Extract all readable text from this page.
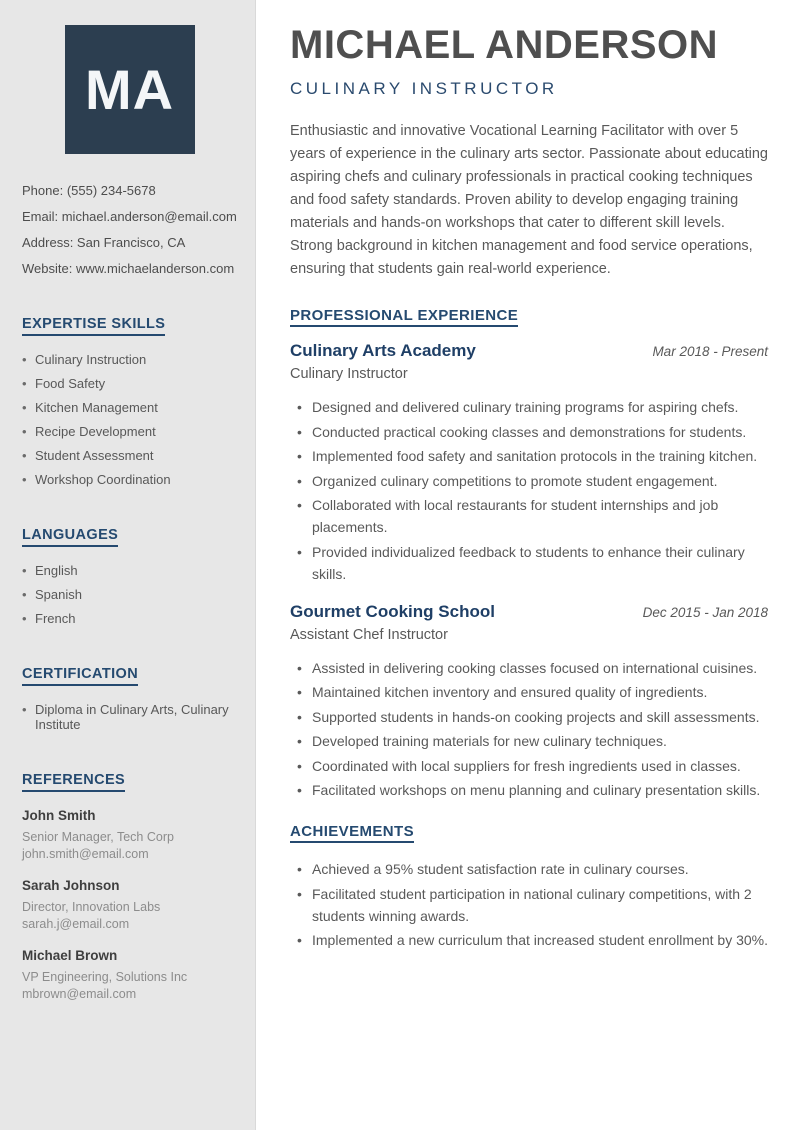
MA

Phone: (555) 234-5678

Email: michael.anderson@email.com

Address: San Francisco, CA

Website: www.michaelanderson.com

EXPERTISE SKILLS
• Culinary Instruction
• Food Safety
• Kitchen Management
• Recipe Development
• Student Assessment
• Workshop Coordination
LANGUAGES
• English
• Spanish
• French
CERTIFICATION
• Diploma in Culinary Arts, Culinary Institute
REFERENCES

John Smith

Senior Manager, Tech Corp

john.smith@email.com

Sarah Johnson

Director, Innovation Labs

sarah.j@email.com

Michael Brown

VP Engineering, Solutions Inc

mbrown@email.com

MICHAEL ANDERSON
CULINARY INSTRUCTOR

Enthusiastic and innovative Vocational Learning Facilitator with over 5 years of experience in the culinary arts sector. Passionate about educating aspiring chefs and culinary professionals in practical cooking techniques and food safety standards. Proven ability to develop engaging training materials and hands-on workshops that cater to different skill levels. Strong background in kitchen management and food service operations, ensuring that students gain real-world experience.

PROFESSIONAL EXPERIENCE
Culinary Arts Academy	Mar 2018 - Present
Culinary Instructor
• Designed and delivered culinary training programs for aspiring chefs.
• Conducted practical cooking classes and demonstrations for students.
• Implemented food safety and sanitation protocols in the training kitchen.
• Organized culinary competitions to promote student engagement.
• Collaborated with local restaurants for student internships and job placements.
• Provided individualized feedback to students to enhance their culinary skills.
Gourmet Cooking School	Dec 2015 - Jan 2018
Assistant Chef Instructor
• Assisted in delivering cooking classes focused on international cuisines.
• Maintained kitchen inventory and ensured quality of ingredients.
• Supported students in hands-on cooking projects and skill assessments.
• Developed training materials for new culinary techniques.
• Coordinated with local suppliers for fresh ingredients used in classes.
• Facilitated workshops on menu planning and culinary presentation skills.
ACHIEVEMENTS
• Achieved a 95% student satisfaction rate in culinary courses.
• Facilitated student participation in national culinary competitions, with 2 students winning awards.
• Implemented a new curriculum that increased student enrollment by 30%.
